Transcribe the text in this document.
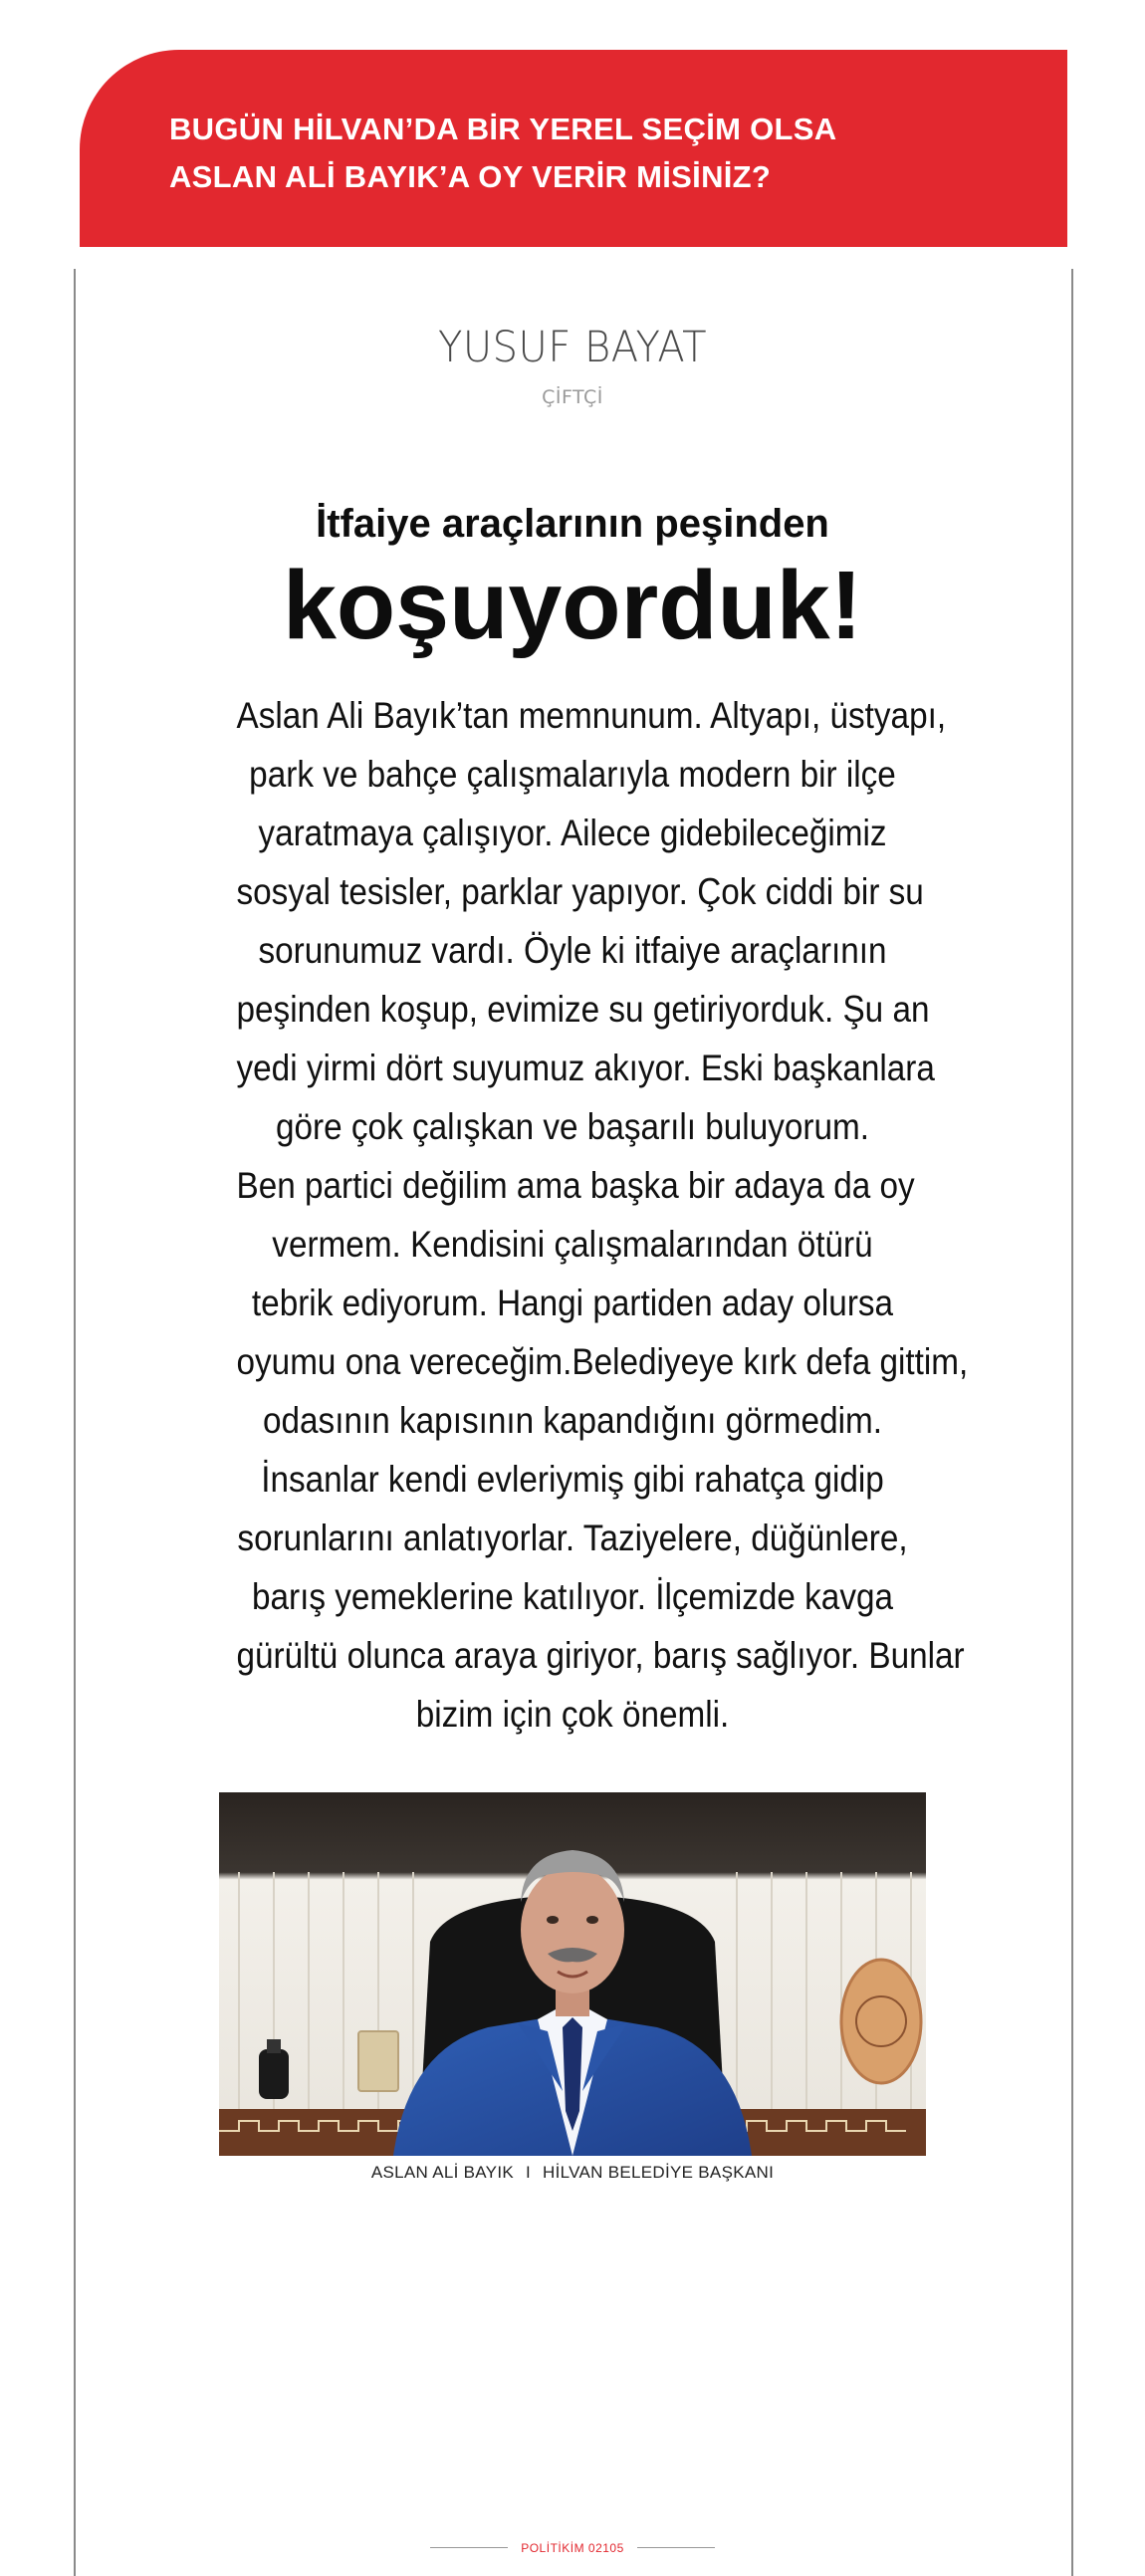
BUGÜN HİLVAN’DA BİR YEREL SEÇİM OLSA
ASLAN ALİ BAYIK’A OY VERİR MİSİNİZ?
YUSUF BAYAT
ÇİFTÇİ
İtfaiye araçlarının peşinden
koşuyorduk!
Aslan Ali Bayık’tan memnunum. Altyapı, üstyapı,
park ve bahçe çalışmalarıyla modern bir ilçe
yaratmaya çalışıyor. Ailece gidebileceğimiz
sosyal tesisler, parklar yapıyor. Çok ciddi bir su
sorunumuz vardı. Öyle ki itfaiye araçlarının
peşinden koşup, evimize su getiriyorduk. Şu an
yedi yirmi dört suyumuz akıyor. Eski başkanlara
göre çok çalışkan ve başarılı buluyorum.
Ben partici değilim ama başka bir adaya da oy
vermem. Kendisini çalışmalarından ötürü
tebrik ediyorum. Hangi partiden aday olursa
oyumu ona vereceğim.Belediyeye kırk defa gittim,
odasının kapısının kapandığını görmedim.
İnsanlar kendi evleriymiş gibi rahatça gidip
sorunlarını anlatıyorlar. Taziyelere, düğünlere,
barış yemeklerine katılıyor. İlçemizde kavga
gürültü olunca araya giriyor, barış sağlıyor. Bunlar
bizim için çok önemli.
ASLAN ALİ BAYIK I HİLVAN BELEDİYE BAŞKANI
POLİTİKİM 02105
